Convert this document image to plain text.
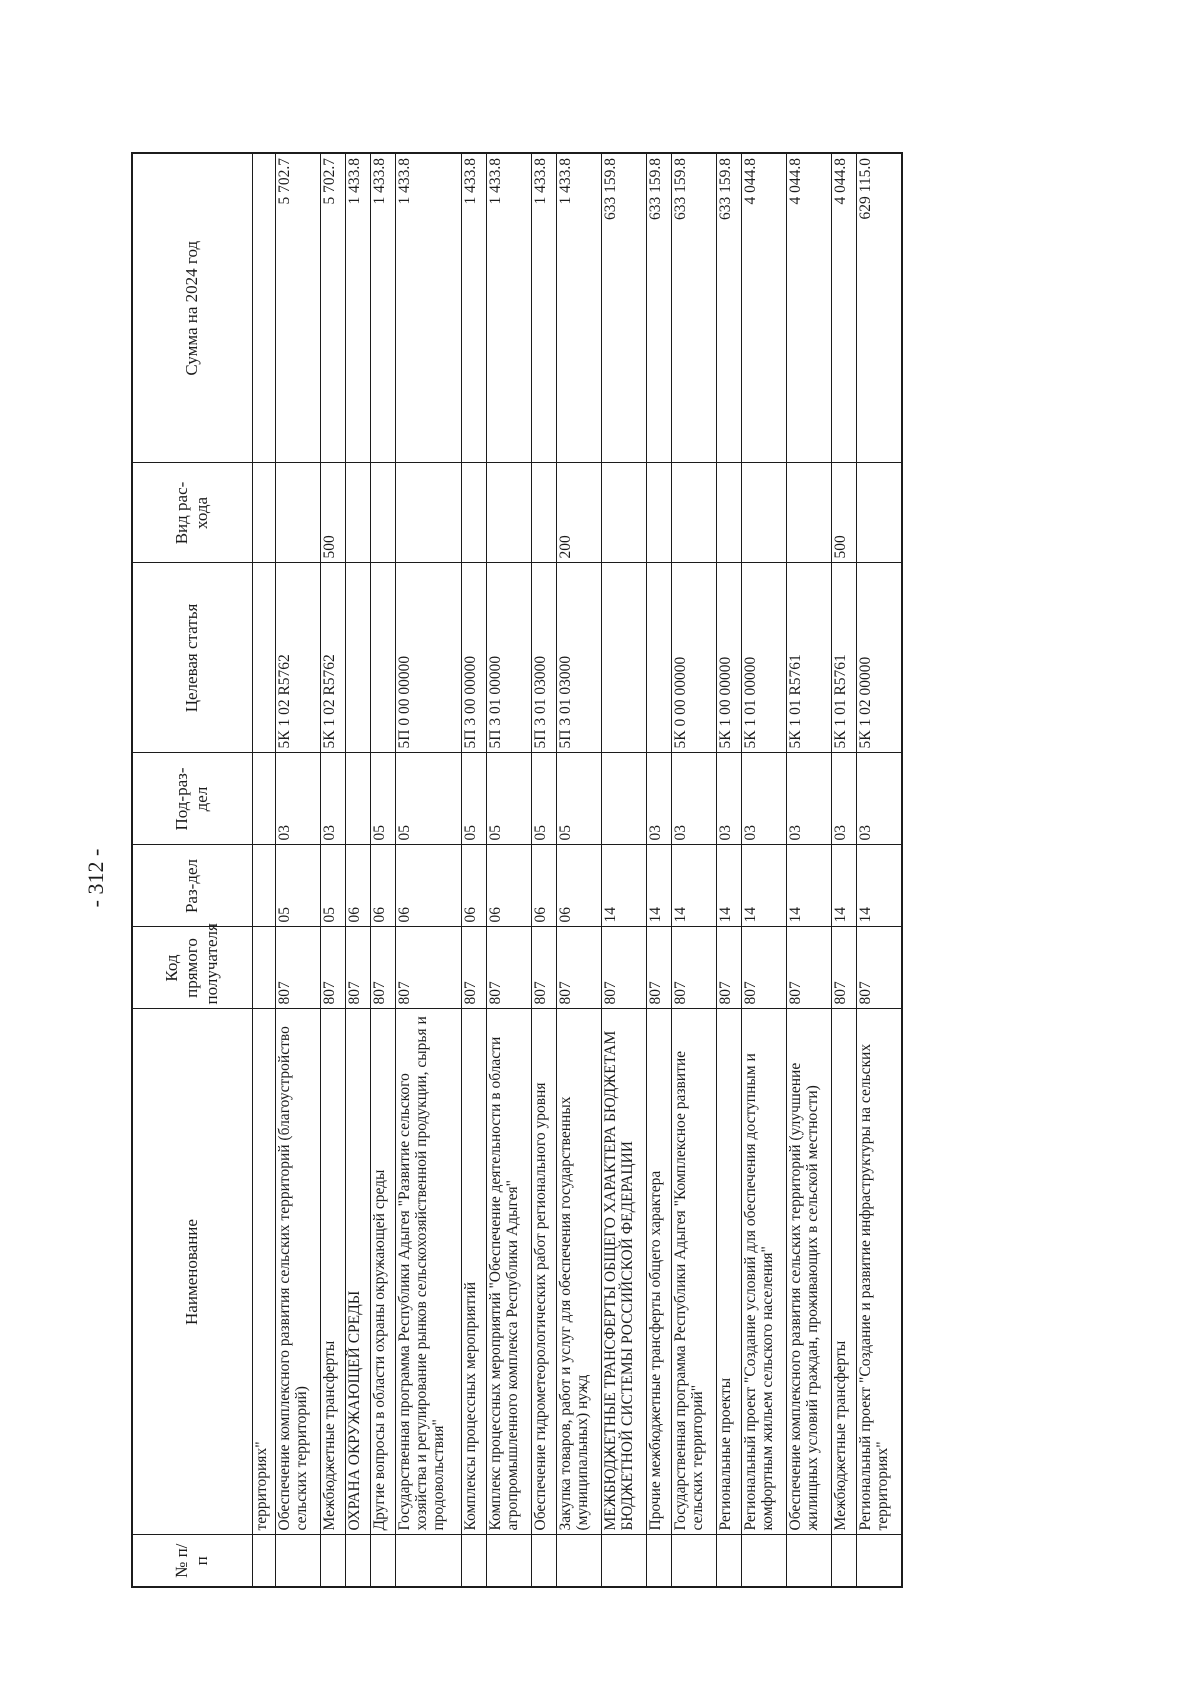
- 312 -
№ п/п	Наименование	Код прямого получателя	Раз-дел	Под-раз-дел	Целевая статья	Вид рас-хода	Сумма на 2024 год
	территориях"						
	Обеспечение комплексного развития сельских территорий (благоустройство сельских территорий)	807	05	03	5К 1 02 R5762		5 702.7
	Межбюджетные трансферты	807	05	03	5К 1 02 R5762	500	5 702.7
	ОХРАНА ОКРУЖАЮЩЕЙ СРЕДЫ	807	06				1 433.8
	Другие вопросы в области охраны окружающей среды	807	06	05			1 433.8
	Государственная программа Республики Адыгея "Развитие сельского хозяйства и регулирование рынков сельскохозяйственной продукции, сырья и продовольствия"	807	06	05	5П 0 00 00000		1 433.8
	Комплексы процессных мероприятий	807	06	05	5П 3 00 00000		1 433.8
	Комплекс процессных мероприятий "Обеспечение деятельности в области агропромышленного комплекса Республики Адыгея"	807	06	05	5П 3 01 00000		1 433.8
	Обеспечение гидрометеорологических работ регионального уровня	807	06	05	5П 3 01 03000		1 433.8
	Закупка товаров, работ и услуг для обеспечения государственных (муниципальных) нужд	807	06	05	5П 3 01 03000	200	1 433.8
	МЕЖБЮДЖЕТНЫЕ ТРАНСФЕРТЫ ОБЩЕГО ХАРАКТЕРА БЮДЖЕТАМ БЮДЖЕТНОЙ СИСТЕМЫ РОССИЙСКОЙ ФЕДЕРАЦИИ	807	14				633 159.8
	Прочие межбюджетные трансферты общего характера	807	14	03			633 159.8
	Государственная программа Республики Адыгея "Комплексное развитие сельских территорий"	807	14	03	5К 0 00 00000		633 159.8
	Региональные проекты	807	14	03	5К 1 00 00000		633 159.8
	Региональный проект "Создание условий для обеспечения доступным и комфортным жильем сельского населения"	807	14	03	5К 1 01 00000		4 044.8
	Обеспечение комплексного развития сельских территорий (улучшение жилищных условий граждан, проживающих в сельской местности)	807	14	03	5К 1 01 R5761		4 044.8
	Межбюджетные трансферты	807	14	03	5К 1 01 R5761	500	4 044.8
	Региональный проект "Создание и развитие инфраструктуры на сельских территориях"	807	14	03	5К 1 02 00000		629 115.0
